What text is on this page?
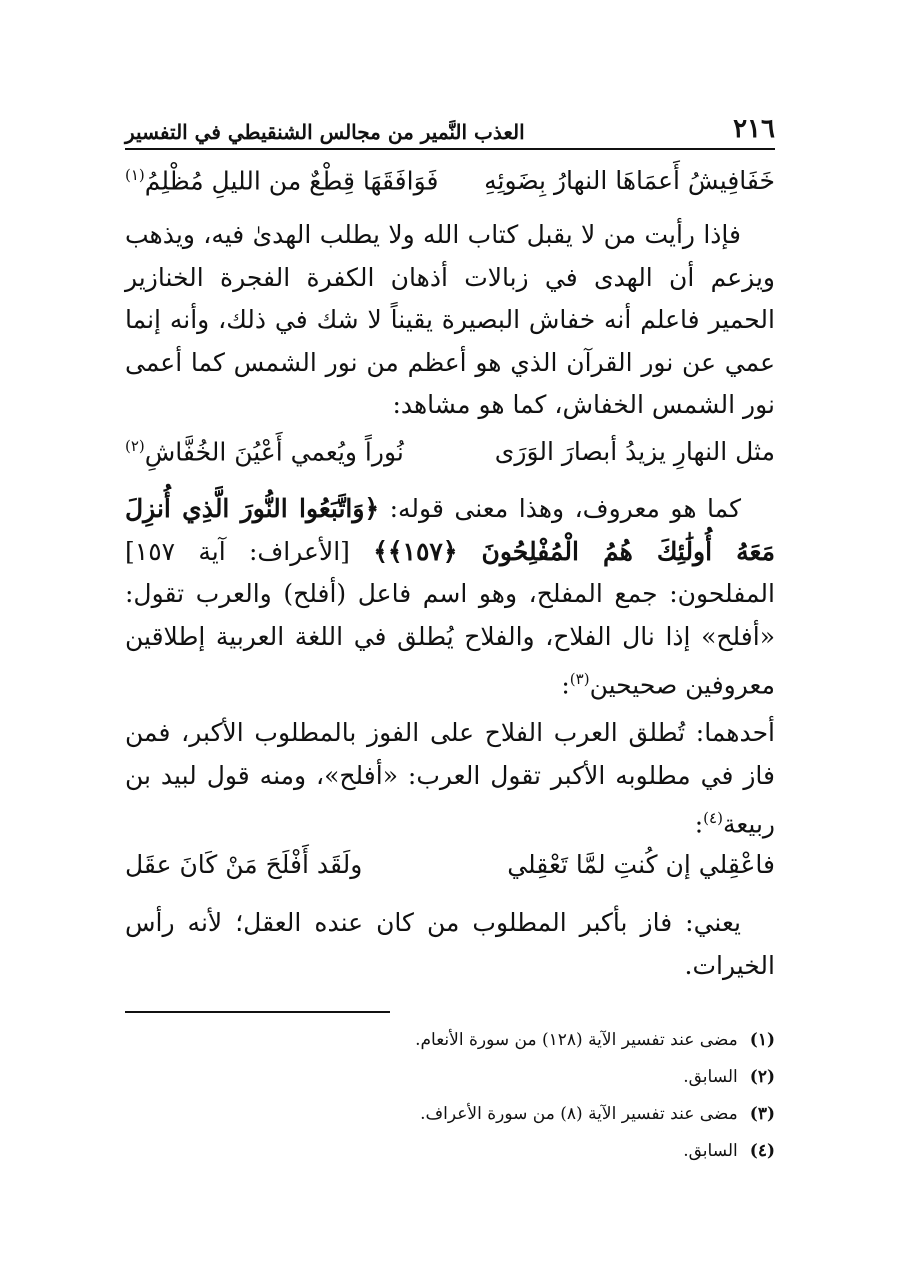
٢١٦
العذب النَّمير من مجالس الشنقيطي في التفسير
خَفَافِيشُ أَعمَاهَا النهارُ بِضَوئِهِ
فَوَافَقَهَا قِطْعٌ من الليلِ مُظْلِمُ$^{(١)}$
فإذا رأيت من لا يقبل كتاب الله ولا يطلب الهدىٰ فيه، ويذهب ويزعم أن الهدى في زبالات أذهان الكفرة الفجرة الخنازير الحمير فاعلم أنه خفاش البصيرة يقيناً لا شك في ذلك، وأنه إنما عمي عن نور القرآن الذي هو أعظم من نور الشمس كما أعمى نور الشمس الخفاش، كما هو مشاهد:
مثل النهارِ يزيدُ أبصارَ الوَرَى
نُوراً ويُعمي أَعْيُنَ الخُفَّاشِ$^{(٢)}$
كما هو معروف، وهذا معنى قوله: ﴿وَاتَّبَعُوا النُّورَ الَّذِي أُنزِلَ مَعَهُ أُولَٰئِكَ هُمُ الْمُفْلِحُونَ ﴿١٥٧﴾﴾ [الأعراف: آية ١٥٧] المفلحون: جمع المفلح، وهو اسم فاعل (أفلح) والعرب تقول: «أفلح» إذا نال الفلاح، والفلاح يُطلق في اللغة العربية إطلاقين معروفين صحيحين$^{(٣)}$:
أحدهما: تُطلق العرب الفلاح على الفوز بالمطلوب الأكبر، فمن فاز في مطلوبه الأكبر تقول العرب: «أفلح»، ومنه قول لبيد بن ربيعة$^{(٤)}$:
فاعْقِلي إن كُنتِ لمَّا تَعْقِلي
ولَقَد أَفْلَحَ مَنْ كَانَ عقَل
يعني: فاز بأكبر المطلوب من كان عنده العقل؛ لأنه رأس الخيرات.
(١)مضى عند تفسير الآية (١٢٨) من سورة الأنعام.
(٢)السابق.
(٣)مضى عند تفسير الآية (٨) من سورة الأعراف.
(٤)السابق.
